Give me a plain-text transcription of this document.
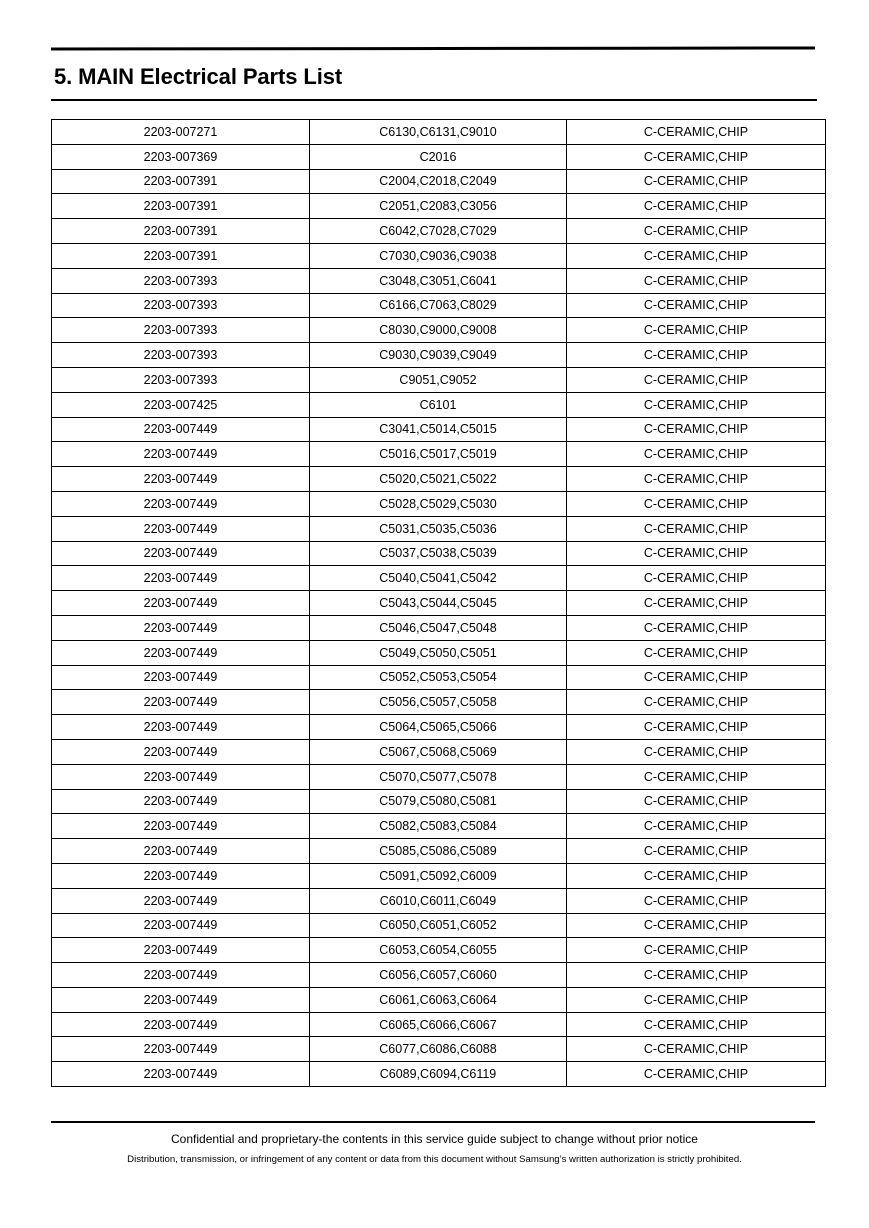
5. MAIN Electrical Parts List
2203-007271	C6130,C6131,C9010	C-CERAMIC,CHIP
2203-007369	C2016	C-CERAMIC,CHIP
2203-007391	C2004,C2018,C2049	C-CERAMIC,CHIP
2203-007391	C2051,C2083,C3056	C-CERAMIC,CHIP
2203-007391	C6042,C7028,C7029	C-CERAMIC,CHIP
2203-007391	C7030,C9036,C9038	C-CERAMIC,CHIP
2203-007393	C3048,C3051,C6041	C-CERAMIC,CHIP
2203-007393	C6166,C7063,C8029	C-CERAMIC,CHIP
2203-007393	C8030,C9000,C9008	C-CERAMIC,CHIP
2203-007393	C9030,C9039,C9049	C-CERAMIC,CHIP
2203-007393	C9051,C9052	C-CERAMIC,CHIP
2203-007425	C6101	C-CERAMIC,CHIP
2203-007449	C3041,C5014,C5015	C-CERAMIC,CHIP
2203-007449	C5016,C5017,C5019	C-CERAMIC,CHIP
2203-007449	C5020,C5021,C5022	C-CERAMIC,CHIP
2203-007449	C5028,C5029,C5030	C-CERAMIC,CHIP
2203-007449	C5031,C5035,C5036	C-CERAMIC,CHIP
2203-007449	C5037,C5038,C5039	C-CERAMIC,CHIP
2203-007449	C5040,C5041,C5042	C-CERAMIC,CHIP
2203-007449	C5043,C5044,C5045	C-CERAMIC,CHIP
2203-007449	C5046,C5047,C5048	C-CERAMIC,CHIP
2203-007449	C5049,C5050,C5051	C-CERAMIC,CHIP
2203-007449	C5052,C5053,C5054	C-CERAMIC,CHIP
2203-007449	C5056,C5057,C5058	C-CERAMIC,CHIP
2203-007449	C5064,C5065,C5066	C-CERAMIC,CHIP
2203-007449	C5067,C5068,C5069	C-CERAMIC,CHIP
2203-007449	C5070,C5077,C5078	C-CERAMIC,CHIP
2203-007449	C5079,C5080,C5081	C-CERAMIC,CHIP
2203-007449	C5082,C5083,C5084	C-CERAMIC,CHIP
2203-007449	C5085,C5086,C5089	C-CERAMIC,CHIP
2203-007449	C5091,C5092,C6009	C-CERAMIC,CHIP
2203-007449	C6010,C6011,C6049	C-CERAMIC,CHIP
2203-007449	C6050,C6051,C6052	C-CERAMIC,CHIP
2203-007449	C6053,C6054,C6055	C-CERAMIC,CHIP
2203-007449	C6056,C6057,C6060	C-CERAMIC,CHIP
2203-007449	C6061,C6063,C6064	C-CERAMIC,CHIP
2203-007449	C6065,C6066,C6067	C-CERAMIC,CHIP
2203-007449	C6077,C6086,C6088	C-CERAMIC,CHIP
2203-007449	C6089,C6094,C6119	C-CERAMIC,CHIP
Confidential and proprietary-the contents in this service guide subject to change without prior notice
Distribution, transmission, or infringement of any content or data from this document without Samsung’s written authorization is strictly prohibited.
